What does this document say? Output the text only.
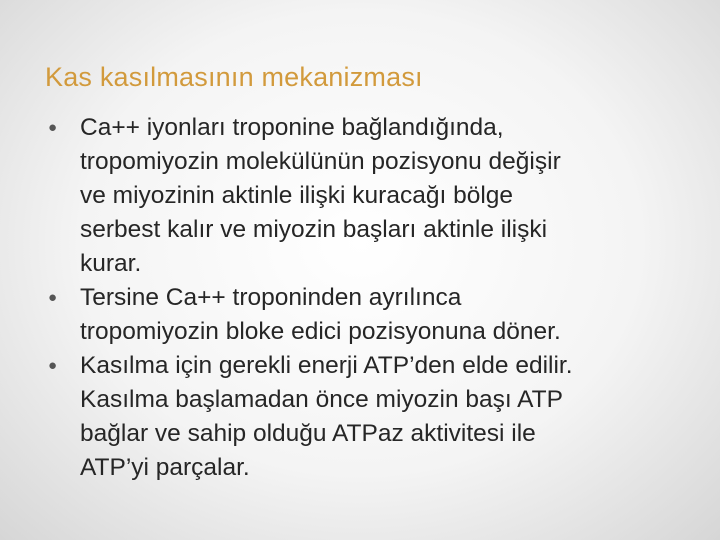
Kas kasılmasının mekanizması
● Ca++ iyonları troponine bağlandığında,
tropomiyozin molekülünün pozisyonu değişir
ve miyozinin aktinle ilişki kuracağı bölge
serbest kalır ve miyozin başları aktinle ilişki
kurar.
● Tersine Ca++ troponinden ayrılınca
tropomiyozin bloke edici pozisyonuna döner.
● Kasılma için gerekli enerji ATP’den elde edilir.
Kasılma başlamadan önce miyozin başı ATP
bağlar ve sahip olduğu ATPaz aktivitesi ile
ATP’yi parçalar.
